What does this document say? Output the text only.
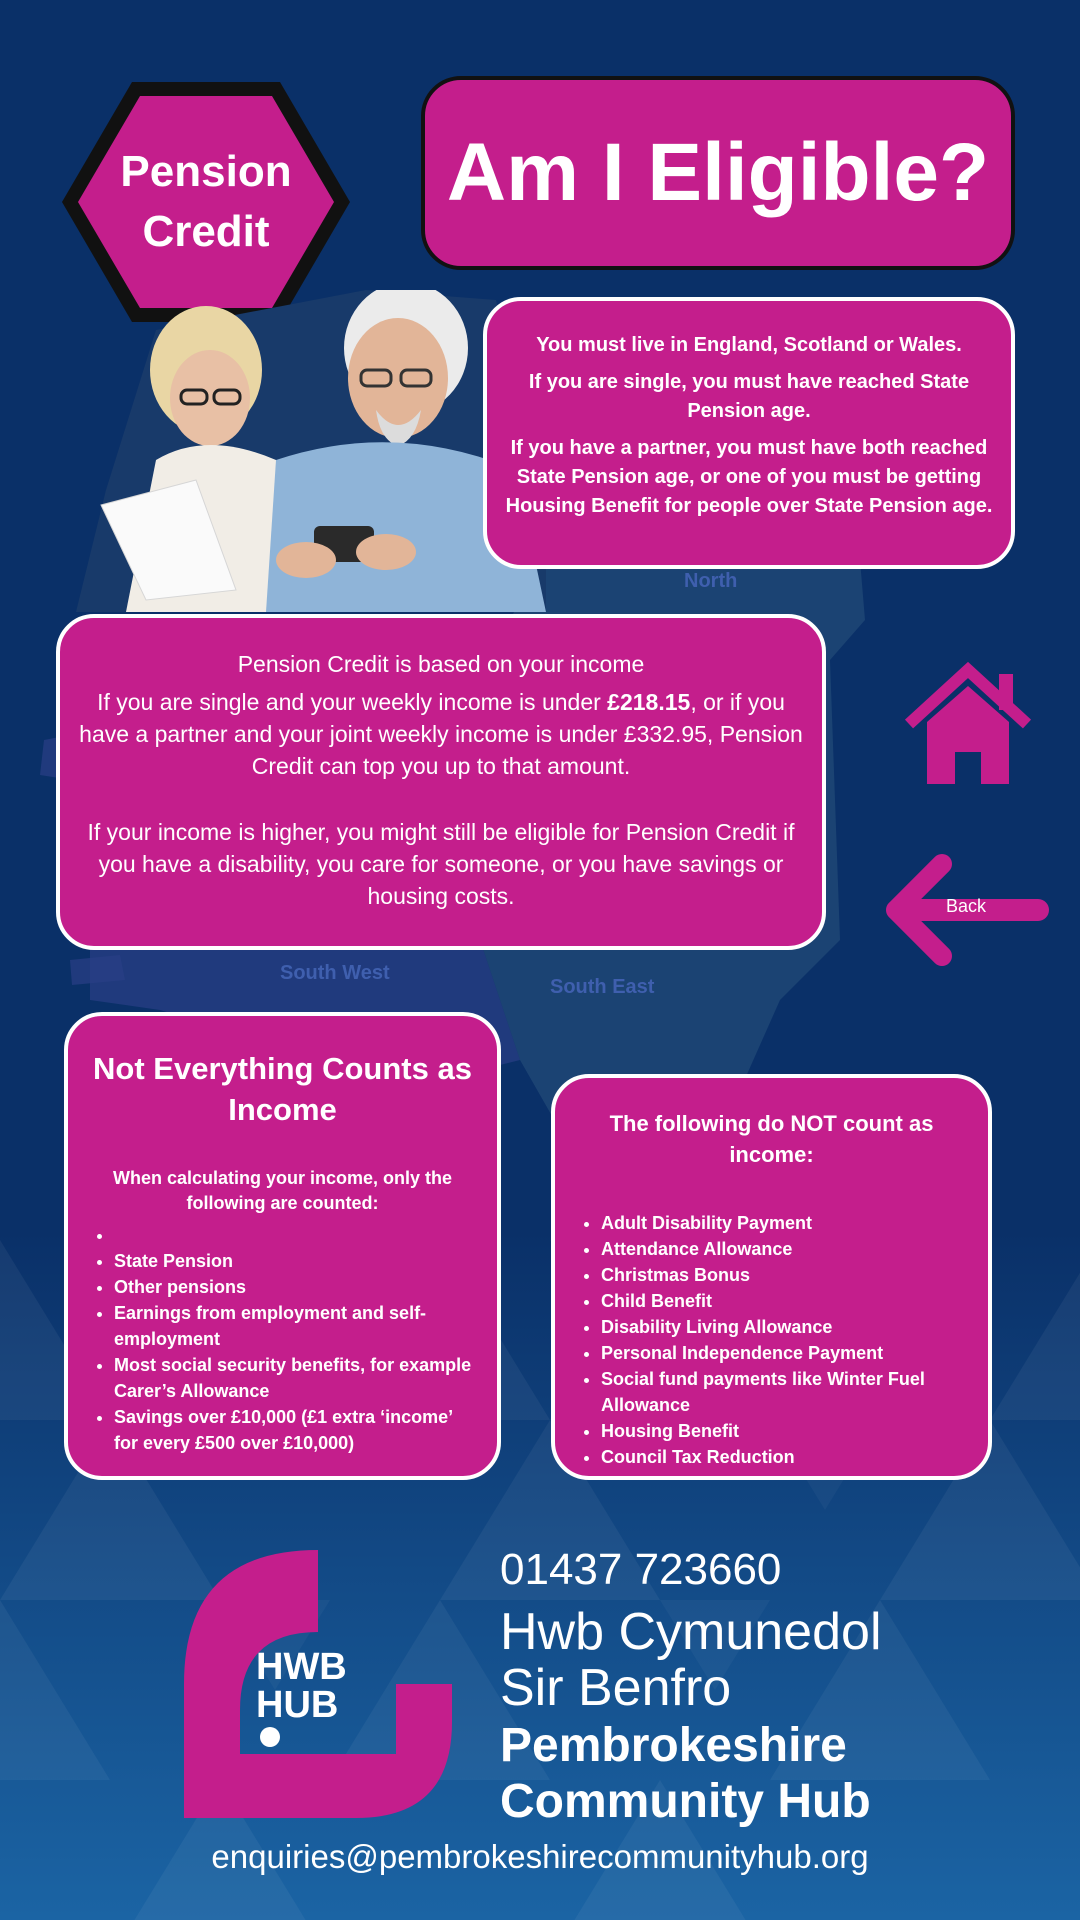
North
South West
South East
Pension
Credit
Am I Eligible?

You must live in England, Scotland or Wales.

If you are single, you must have reached State Pension age.

If you have a partner, you must have both reached State Pension age, or one of you must be getting Housing Benefit for people over State Pension age.

Pension Credit is based on your income

If you are single and your weekly income is under £218.15, or if you have a partner and your joint weekly income is under £332.95, Pension Credit can top you up to that amount.

If your income is higher, you might still be eligible for Pension Credit if you have a disability, you care for someone, or you have savings or housing costs.	Back
Not Everything Counts as Income

When calculating your income, only the following are counted:

•
• State Pension
• Other pensions
• Earnings from employment and self-employment
• Most social security benefits, for example Carer’s Allowance
• Savings over £10,000 (£1 extra ‘income’ for every £500 over £10,000)
The following do NOT count as income:
• Adult Disability Payment
• Attendance Allowance
• Christmas Bonus
• Child Benefit
• Disability Living Allowance
• Personal Independence Payment
• Social fund payments like Winter Fuel Allowance
• Housing Benefit
• Council Tax Reduction
HWB
HUB
01437 723660
Hwb Cymunedol
Sir Benfro
Pembrokeshire
Community Hub
enquiries@pembrokeshirecommunityhub.org
